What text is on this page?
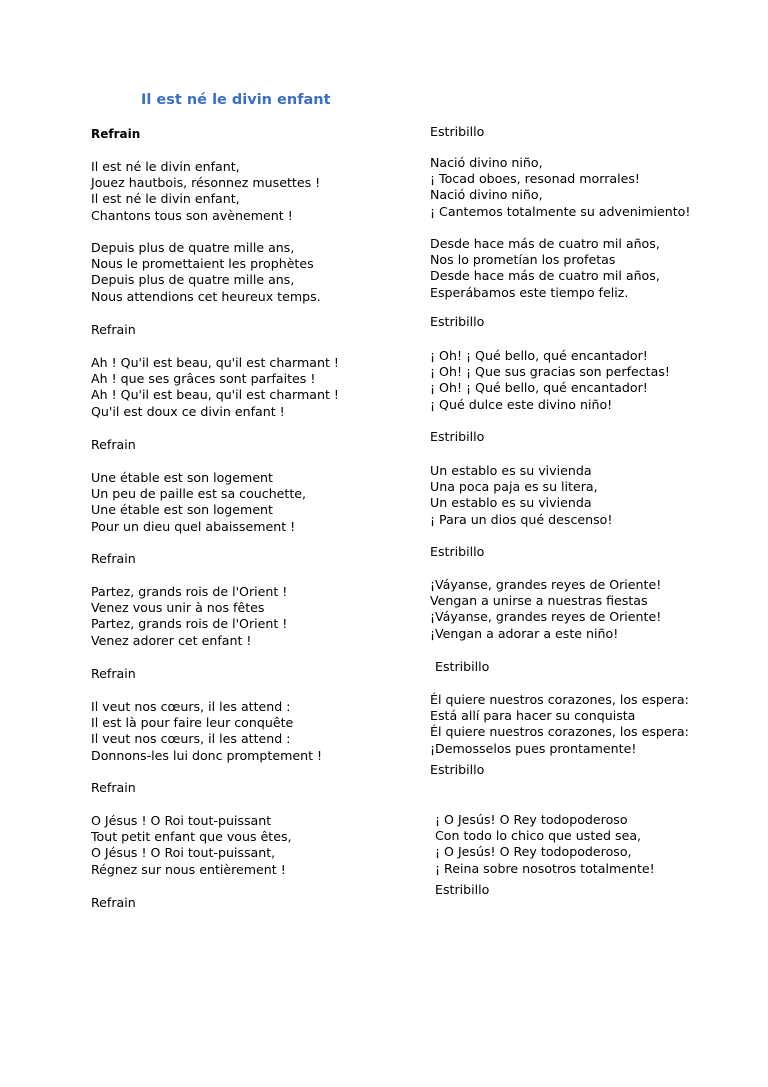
Il est né le divin enfant
Refrain
Il est né le divin enfant,
Jouez hautbois, résonnez musettes !
Il est né le divin enfant,
Chantons tous son avènement !
Depuis plus de quatre mille ans,
Nous le promettaient les prophètes
Depuis plus de quatre mille ans,
Nous attendions cet heureux temps.
Refrain
Ah ! Qu'il est beau, qu'il est charmant !
Ah ! que ses grâces sont parfaites !
Ah ! Qu'il est beau, qu'il est charmant !
Qu'il est doux ce divin enfant !
Refrain
Une étable est son logement
Un peu de paille est sa couchette,
Une étable est son logement
Pour un dieu quel abaissement !
Refrain
Partez, grands rois de l'Orient !
Venez vous unir à nos fêtes
Partez, grands rois de l'Orient !
Venez adorer cet enfant !
Refrain
Il veut nos cœurs, il les attend :
Il est là pour faire leur conquête
Il veut nos cœurs, il les attend :
Donnons-les lui donc promptement !
Refrain
O Jésus ! O Roi tout-puissant
Tout petit enfant que vous êtes,
O Jésus ! O Roi tout-puissant,
Régnez sur nous entièrement !
Refrain
Estribillo
Nació divino niño,
¡ Tocad oboes, resonad morrales!
Nació divino niño,
¡ Cantemos totalmente su advenimiento!
Desde hace más de cuatro mil años,
Nos lo prometían los profetas
Desde hace más de cuatro mil años,
Esperábamos este tiempo feliz.
Estribillo
¡ Oh! ¡ Qué bello, qué encantador!
¡ Oh! ¡ Que sus gracias son perfectas!
¡ Oh! ¡ Qué bello, qué encantador!
¡ Qué dulce este divino niño!
Estribillo
Un establo es su vivienda
Una poca paja es su litera,
Un establo es su vivienda
¡ Para un dios qué descenso!
Estribillo
¡Váyanse, grandes reyes de Oriente!
Vengan a unirse a nuestras fiestas
¡Váyanse, grandes reyes de Oriente!
¡Vengan a adorar a este niño!
Estribillo
Él quiere nuestros corazones, los espera:
Está allí para hacer su conquista
Él quiere nuestros corazones, los espera:
¡Demosselos pues prontamente!
Estribillo
¡ O Jesús! O Rey todopoderoso
Con todo lo chico que usted sea,
¡ O Jesús! O Rey todopoderoso,
¡ Reina sobre nosotros totalmente!
Estribillo
